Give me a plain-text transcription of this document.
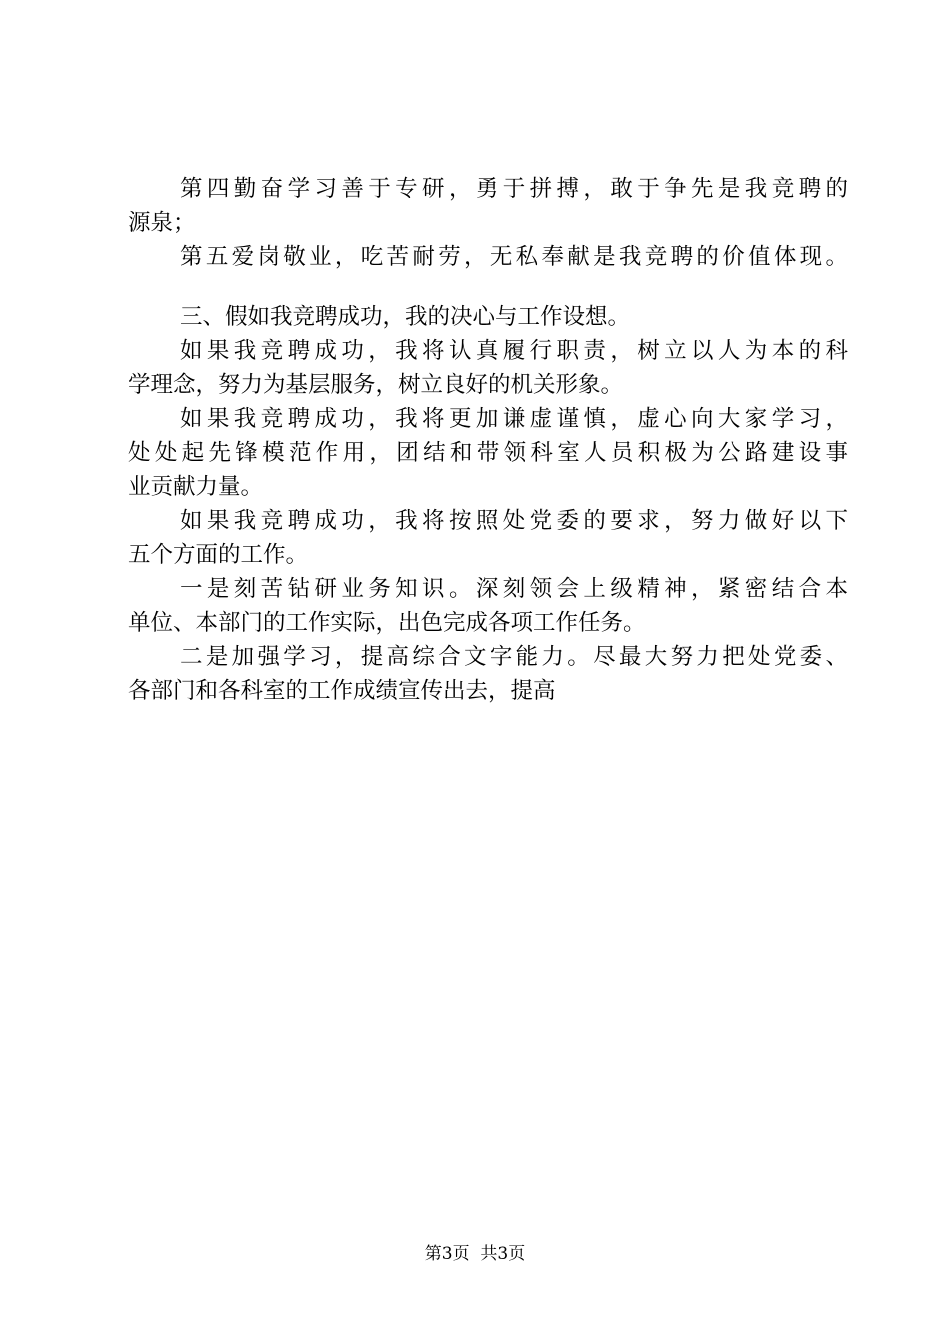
第四勤奋学习善于专研，勇于拼搏，敢于争先是我竞聘的
源泉；
第五爱岗敬业，吃苦耐劳，无私奉献是我竞聘的价值体现。
三、假如我竞聘成功，我的决心与工作设想。
如果我竞聘成功，我将认真履行职责，树立以人为本的科
学理念，努力为基层服务，树立良好的机关形象。
如果我竞聘成功，我将更加谦虚谨慎，虚心向大家学习，
处处起先锋模范作用，团结和带领科室人员积极为公路建设事
业贡献力量。
如果我竞聘成功，我将按照处党委的要求，努力做好以下
五个方面的工作。
一是刻苦钻研业务知识。深刻领会上级精神，紧密结合本
单位、本部门的工作实际，出色完成各项工作任务。
二是加强学习，提高综合文字能力。尽最大努力把处党委、
各部门和各科室的工作成绩宣传出去，提高
第3页  共3页
